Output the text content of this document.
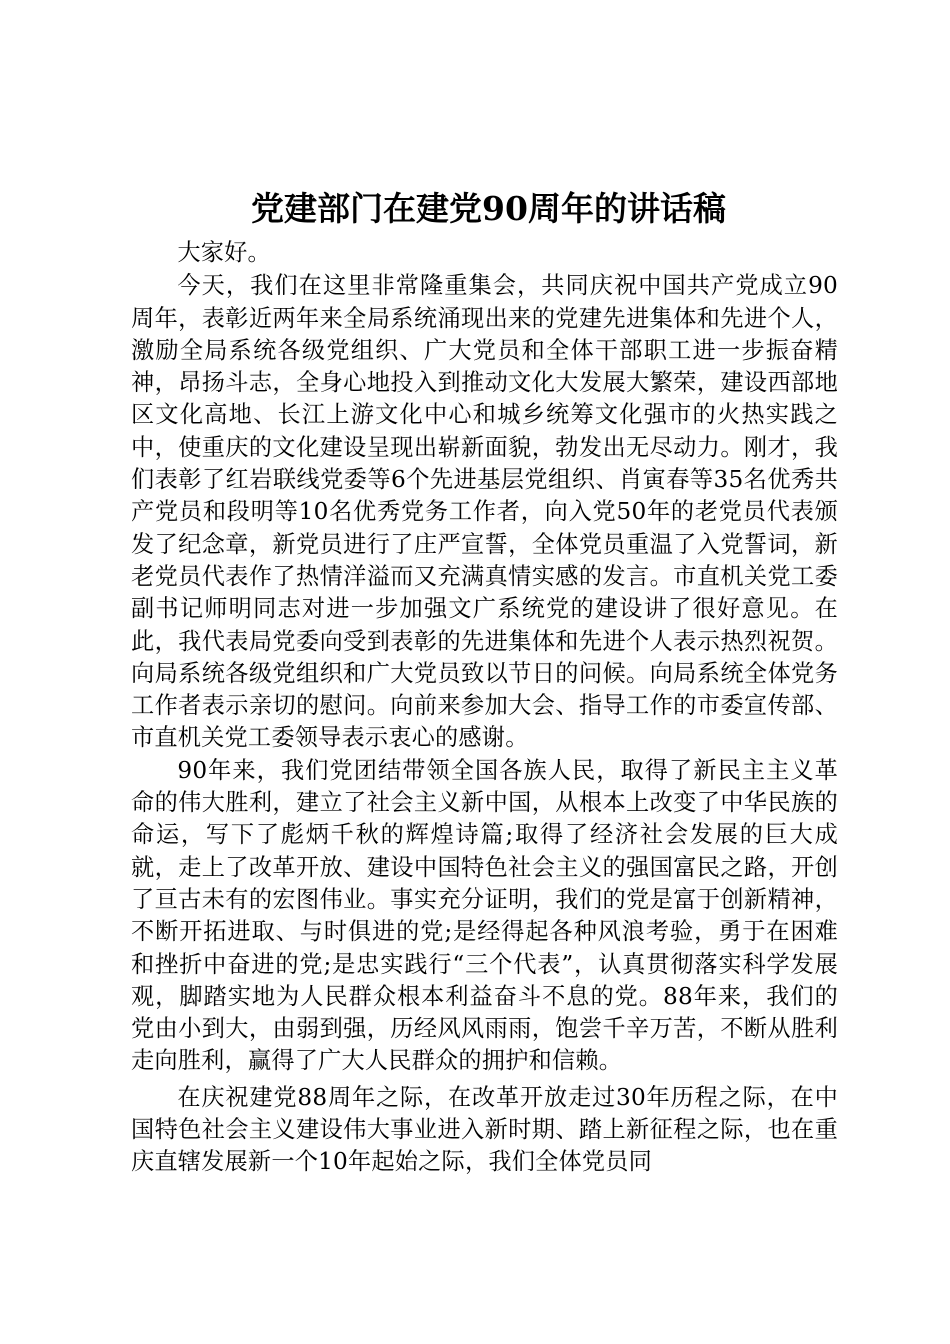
党建部门在建党90周年的讲话稿

大家好。

今天，我们在这里非常隆重集会，共同庆祝中国共产党成立90周年，表彰近两年来全局系统涌现出来的党建先进集体和先进个人，激励全局系统各级党组织、广大党员和全体干部职工进一步振奋精神，昂扬斗志，全身心地投入到推动文化大发展大繁荣，建设西部地区文化高地、长江上游文化中心和城乡统筹文化强市的火热实践之中，使重庆的文化建设呈现出崭新面貌，勃发出无尽动力。刚才，我们表彰了红岩联线党委等6个先进基层党组织、肖寅春等35名优秀共产党员和段明等10名优秀党务工作者，向入党50年的老党员代表颁发了纪念章，新党员进行了庄严宣誓，全体党员重温了入党誓词，新老党员代表作了热情洋溢而又充满真情实感的发言。市直机关党工委副书记师明同志对进一步加强文广系统党的建设讲了很好意见。在此，我代表局党委向受到表彰的先进集体和先进个人表示热烈祝贺。向局系统各级党组织和广大党员致以节日的问候。向局系统全体党务工作者表示亲切的慰问。向前来参加大会、指导工作的市委宣传部、市直机关党工委领导表示衷心的感谢。

90年来，我们党团结带领全国各族人民，取得了新民主主义革命的伟大胜利，建立了社会主义新中国，从根本上改变了中华民族的命运，写下了彪炳千秋的辉煌诗篇;取得了经济社会发展的巨大成就，走上了改革开放、建设中国特色社会主义的强国富民之路，开创了亘古未有的宏图伟业。事实充分证明，我们的党是富于创新精神，不断开拓进取、与时俱进的党;是经得起各种风浪考验，勇于在困难和挫折中奋进的党;是忠实践行“三个代表”，认真贯彻落实科学发展观，脚踏实地为人民群众根本利益奋斗不息的党。88年来，我们的党由小到大，由弱到强，历经风风雨雨，饱尝千辛万苦，不断从胜利走向胜利，赢得了广大人民群众的拥护和信赖。

在庆祝建党88周年之际，在改革开放走过30年历程之际，在中国特色社会主义建设伟大事业进入新时期、踏上新征程之际，也在重庆直辖发展新一个10年起始之际，我们全体党员同
